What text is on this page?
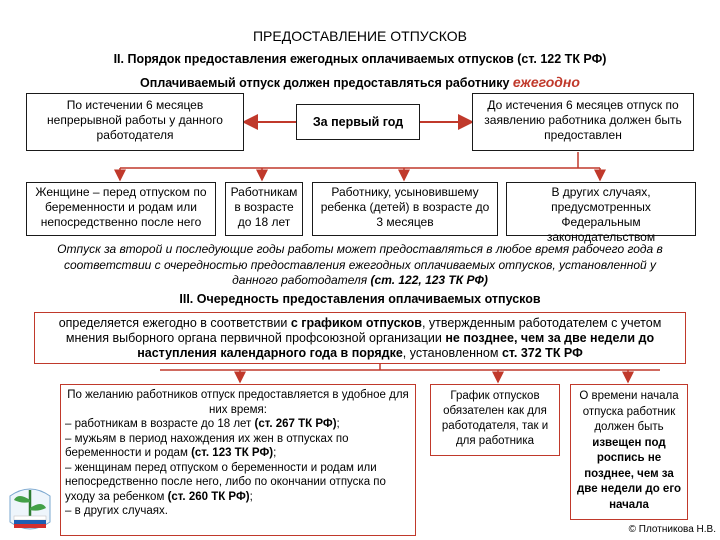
ПРЕДОСТАВЛЕНИЕ ОТПУСКОВ
II. Порядок предоставления ежегодных оплачиваемых отпусков (ст. 122 ТК РФ)
Оплачиваемый отпуск должен предоставляться работнику ежегодно
По истечении 6 месяцев непрерывной работы у данного работодателя
За первый год
До истечения 6 месяцев отпуск по заявлению работника должен быть предоставлен
Женщине – перед отпуском по беременности и родам или непосредственно после него
Работникам в возрасте до 18 лет
Работнику, усыновившему ребенка (детей) в возрасте до 3 месяцев
В других случаях, предусмотренных Федеральным законодательством
Отпуск за второй и последующие годы работы может предоставляться в любое время рабочего года в соответствии с очередностью предоставления ежегодных оплачиваемых отпусков, установленной у данного работодателя (ст. 122, 123 ТК РФ)
III. Очередность предоставления оплачиваемых отпусков
определяется ежегодно в соответствии с графиком отпусков, утвержденным работодателем с учетом мнения выборного органа первичной профсоюзной организации не позднее, чем за две недели до наступления календарного года в порядке, установленном ст. 372 ТК РФ
По желанию работников отпуск предоставляется в удобное для них время:
– работникам в возрасте до 18 лет (ст. 267 ТК РФ);
– мужьям в период нахождения их жен в отпусках по беременности и родам (ст. 123 ТК РФ);
– женщинам перед отпуском о беременности и родам или непосредственно после него, либо по окончании отпуска по уходу за ребенком (ст. 260 ТК РФ);
– в других случаях.
График отпусков обязателен как для работодателя, так и для работника
О времени начала отпуска работник должен быть извещен под роспись не позднее, чем за две недели до его начала
© Плотникова Н.В.
